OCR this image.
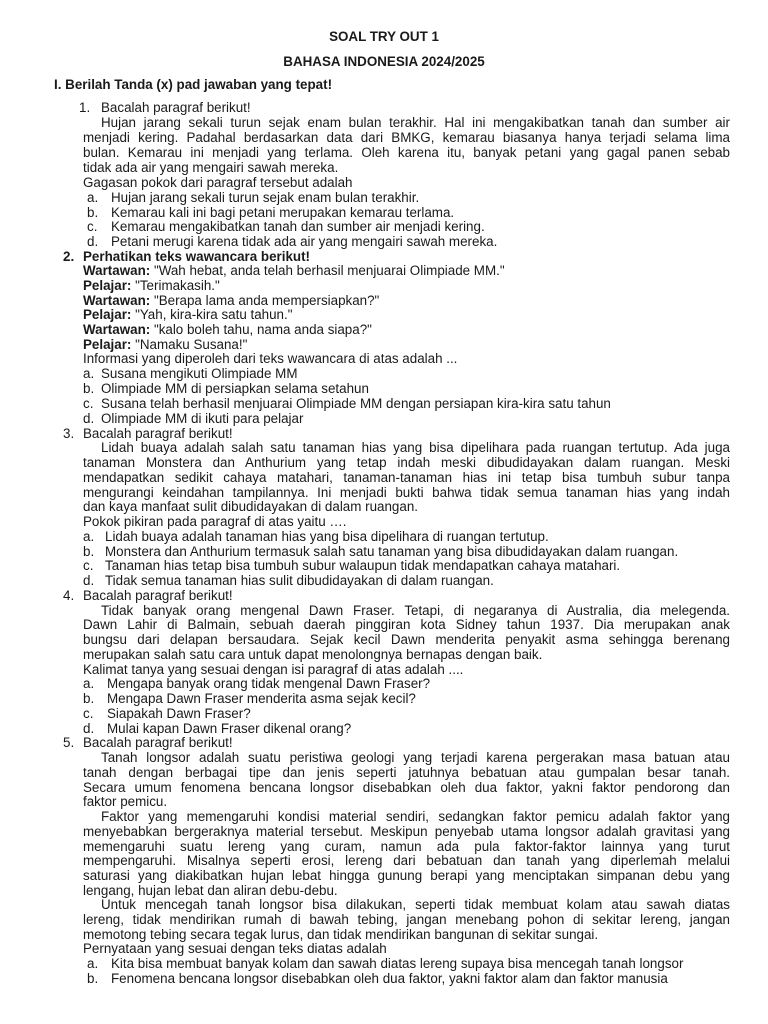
SOAL TRY OUT 1
BAHASA INDONESIA 2024/2025
I. Berilah Tanda (x) pad jawaban yang tepat!
1. Bacalah paragraf berikut!
Hujan jarang sekali turun sejak enam bulan terakhir. Hal ini mengakibatkan tanah dan sumber air
menjadi kering. Padahal berdasarkan data dari BMKG, kemarau biasanya hanya terjadi selama lima
bulan. Kemarau ini menjadi yang terlama. Oleh karena itu, banyak petani yang gagal panen sebab
tidak ada air yang mengairi sawah mereka.
Gagasan pokok dari paragraf tersebut adalah
a. Hujan jarang sekali turun sejak enam bulan terakhir.
b. Kemarau kali ini bagi petani merupakan kemarau terlama.
c. Kemarau mengakibatkan tanah dan sumber air menjadi kering.
d. Petani merugi karena tidak ada air yang mengairi sawah mereka.
2. Perhatikan teks wawancara berikut!
Wartawan: "Wah hebat, anda telah berhasil menjuarai Olimpiade MM."
Pelajar: "Terimakasih."
Wartawan: "Berapa lama anda mempersiapkan?"
Pelajar: "Yah, kira-kira satu tahun."
Wartawan: "kalo boleh tahu, nama anda siapa?"
Pelajar: "Namaku Susana!"
Informasi yang diperoleh dari teks wawancara di atas adalah ...
a. Susana mengikuti Olimpiade MM
b. Olimpiade MM di persiapkan selama setahun
c. Susana telah berhasil menjuarai Olimpiade MM dengan persiapan kira-kira satu tahun
d. Olimpiade MM di ikuti para pelajar
3. Bacalah paragraf berikut!
Lidah buaya adalah salah satu tanaman hias yang bisa dipelihara pada ruangan tertutup. Ada juga
tanaman Monstera dan Anthurium yang tetap indah meski dibudidayakan dalam ruangan. Meski
mendapatkan sedikit cahaya matahari, tanaman-tanaman hias ini tetap bisa tumbuh subur tanpa
mengurangi keindahan tampilannya. Ini menjadi bukti bahwa tidak semua tanaman hias yang indah
dan kaya manfaat sulit dibudidayakan di dalam ruangan.
Pokok pikiran pada paragraf di atas yaitu ….
a. Lidah buaya adalah tanaman hias yang bisa dipelihara di ruangan tertutup.
b. Monstera dan Anthurium termasuk salah satu tanaman yang bisa dibudidayakan dalam ruangan.
c. Tanaman hias tetap bisa tumbuh subur walaupun tidak mendapatkan cahaya matahari.
d. Tidak semua tanaman hias sulit dibudidayakan di dalam ruangan.
4. Bacalah paragraf berikut!
Tidak banyak orang mengenal Dawn Fraser. Tetapi, di negaranya di Australia, dia melegenda.
Dawn Lahir di Balmain, sebuah daerah pinggiran kota Sidney tahun 1937. Dia merupakan anak
bungsu dari delapan bersaudara. Sejak kecil Dawn menderita penyakit asma sehingga berenang
merupakan salah satu cara untuk dapat menolongnya bernapas dengan baik.
Kalimat tanya yang sesuai dengan isi paragraf di atas adalah ....
a. Mengapa banyak orang tidak mengenal Dawn Fraser?
b. Mengapa Dawn Fraser menderita asma sejak kecil?
c. Siapakah Dawn Fraser?
d. Mulai kapan Dawn Fraser dikenal orang?
5. Bacalah paragraf berikut!
Tanah longsor adalah suatu peristiwa geologi yang terjadi karena pergerakan masa batuan atau
tanah dengan berbagai tipe dan jenis seperti jatuhnya bebatuan atau gumpalan besar tanah.
Secara umum fenomena bencana longsor disebabkan oleh dua faktor, yakni faktor pendorong dan
faktor pemicu.
Faktor yang memengaruhi kondisi material sendiri, sedangkan faktor pemicu adalah faktor yang
menyebabkan bergeraknya material tersebut. Meskipun penyebab utama longsor adalah gravitasi yang
memengaruhi suatu lereng yang curam, namun ada pula faktor-faktor lainnya yang turut
mempengaruhi. Misalnya seperti erosi, lereng dari bebatuan dan tanah yang diperlemah melalui
saturasi yang diakibatkan hujan lebat hingga gunung berapi yang menciptakan simpanan debu yang
lengang, hujan lebat dan aliran debu-debu.
Untuk mencegah tanah longsor bisa dilakukan, seperti tidak membuat kolam atau sawah diatas
lereng, tidak mendirikan rumah di bawah tebing, jangan menebang pohon di sekitar lereng, jangan
memotong tebing secara tegak lurus, dan tidak mendirikan bangunan di sekitar sungai.
Pernyataan yang sesuai dengan teks diatas adalah
a. Kita bisa membuat banyak kolam dan sawah diatas lereng supaya bisa mencegah tanah longsor
b. Fenomena bencana longsor disebabkan oleh dua faktor, yakni faktor alam dan faktor manusia
